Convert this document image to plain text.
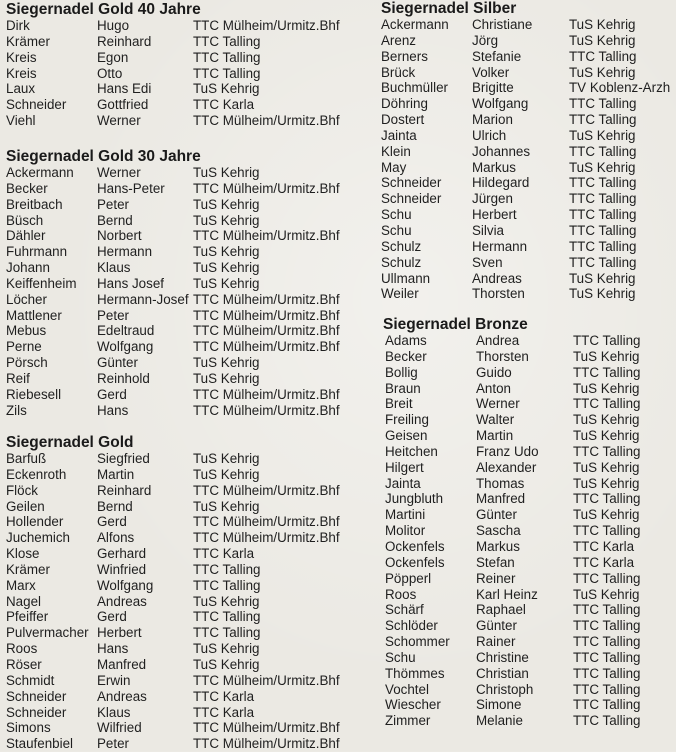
Siegernadel Gold 40 Jahre
Dirk	Hugo	TTC Mülheim/Urmitz.Bhf
Krämer	Reinhard	TTC Talling
Kreis	Egon	TTC Talling
Kreis	Otto	TTC Talling
Laux	Hans Edi	TuS Kehrig
Schneider	Gottfried	TTC Karla
Viehl	Werner	TTC Mülheim/Urmitz.Bhf
Siegernadel Gold 30 Jahre
Ackermann	Werner	TuS Kehrig
Becker	Hans-Peter	TTC Mülheim/Urmitz.Bhf
Breitbach	Peter	TuS Kehrig
Büsch	Bernd	TuS Kehrig
Dähler	Norbert	TTC Mülheim/Urmitz.Bhf
Fuhrmann	Hermann	TuS Kehrig
Johann	Klaus	TuS Kehrig
Keiffenheim	Hans Josef	TuS Kehrig
Löcher	Hermann-Josef TTC Mülheim/Urmitz.Bhf
Mattlener	Peter	TTC Mülheim/Urmitz.Bhf
Mebus	Edeltraud	TTC Mülheim/Urmitz.Bhf
Perne	Wolfgang	TTC Mülheim/Urmitz.Bhf
Pörsch	Günter	TuS Kehrig
Reif	Reinhold	TuS Kehrig
Riebesell	Gerd	TTC Mülheim/Urmitz.Bhf
Zils	Hans	TTC Mülheim/Urmitz.Bhf
Siegernadel Gold
Barfuß	Siegfried	TuS Kehrig
Eckenroth	Martin	TuS Kehrig
Flöck	Reinhard	TTC Mülheim/Urmitz.Bhf
Geilen	Bernd	TuS Kehrig
Hollender	Gerd	TTC Mülheim/Urmitz.Bhf
Juchemich	Alfons	TTC Mülheim/Urmitz.Bhf
Klose	Gerhard	TTC Karla
Krämer	Winfried	TTC Talling
Marx	Wolfgang	TTC Talling
Nagel	Andreas	TuS Kehrig
Pfeiffer	Gerd	TTC Talling
Pulvermacher Herbert	TTC Talling
Roos	Hans	TuS Kehrig
Röser	Manfred	TuS Kehrig
Schmidt	Erwin	TTC Mülheim/Urmitz.Bhf
Schneider	Andreas	TTC Karla
Schneider	Klaus	TTC Karla
Simons	Wilfried	TTC Mülheim/Urmitz.Bhf
Staufenbiel	Peter	TTC Mülheim/Urmitz.Bhf
Siegernadel Silber
Ackermann	Christiane	TuS Kehrig
Arenz	Jörg	TuS Kehrig
Berners	Stefanie	TTC Talling
Brück	Volker	TuS Kehrig
Buchmüller	Brigitte	TV Koblenz-Arzh
Döhring	Wolfgang	TTC Talling
Dostert	Marion	TTC Talling
Jainta	Ulrich	TuS Kehrig
Klein	Johannes	TTC Talling
May	Markus	TuS Kehrig
Schneider	Hildegard	TTC Talling
Schneider	Jürgen	TTC Talling
Schu	Herbert	TTC Talling
Schu	Silvia	TTC Talling
Schulz	Hermann	TTC Talling
Schulz	Sven	TTC Talling
Ullmann	Andreas	TuS Kehrig
Weiler	Thorsten	TuS Kehrig
Siegernadel Bronze
Adams	Andrea	TTC Talling
Becker	Thorsten	TuS Kehrig
Bollig	Guido	TTC Talling
Braun	Anton	TuS Kehrig
Breit	Werner	TTC Talling
Freiling	Walter	TuS Kehrig
Geisen	Martin	TuS Kehrig
Heitchen	Franz Udo	TTC Talling
Hilgert	Alexander	TuS Kehrig
Jainta	Thomas	TuS Kehrig
Jungbluth	Manfred	TTC Talling
Martini	Günter	TuS Kehrig
Molitor	Sascha	TTC Talling
Ockenfels	Markus	TTC Karla
Ockenfels	Stefan	TTC Karla
Pöpperl	Reiner	TTC Talling
Roos	Karl Heinz	TuS Kehrig
Schärf	Raphael	TTC Talling
Schlöder	Günter	TTC Talling
Schommer	Rainer	TTC Talling
Schu	Christine	TTC Talling
Thömmes	Christian	TTC Talling
Vochtel	Christoph	TTC Talling
Wiescher	Simone	TTC Talling
Zimmer	Melanie	TTC Talling
